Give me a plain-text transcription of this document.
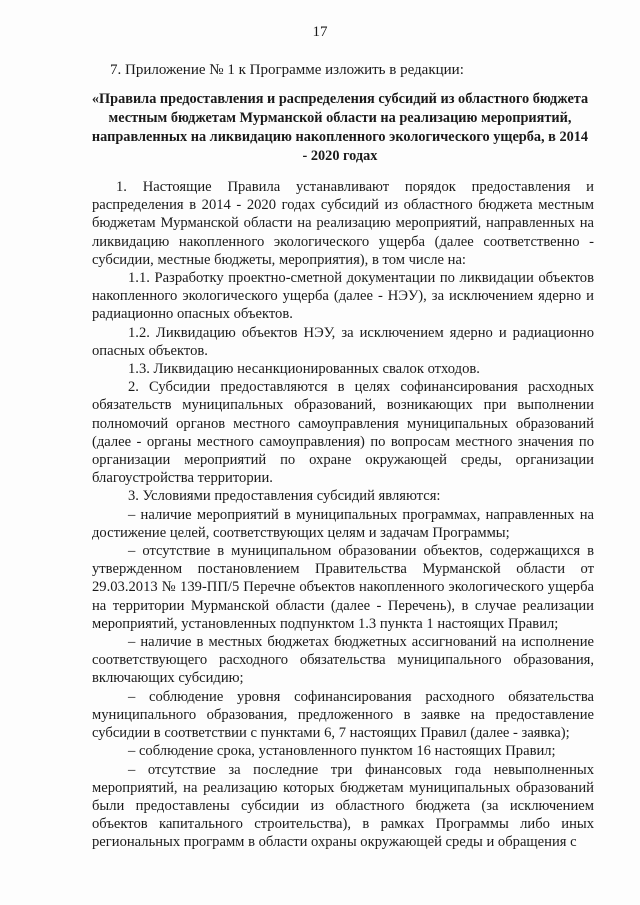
17
7. Приложение № 1 к Программе изложить в редакции:
«Правила предоставления и распределения субсидий из областного бюджета местным бюджетам Мурманской области на реализацию мероприятий, направленных на ликвидацию накопленного экологического ущерба, в 2014 - 2020 годах

1. Настоящие Правила устанавливают порядок предоставления и распределения в 2014 - 2020 годах субсидий из областного бюджета местным бюджетам Мурманской области на реализацию мероприятий, направленных на ликвидацию накопленного экологического ущерба (далее соответственно - субсидии, местные бюджеты, мероприятия), в том числе на:

1.1. Разработку проектно-сметной документации по ликвидации объектов накопленного экологического ущерба (далее - НЭУ), за исключением ядерно и радиационно опасных объектов.

1.2. Ликвидацию объектов НЭУ, за исключением ядерно и радиационно опасных объектов.

1.3. Ликвидацию несанкционированных свалок отходов.

2. Субсидии предоставляются в целях софинансирования расходных обязательств муниципальных образований, возникающих при выполнении полномочий органов местного самоуправления муниципальных образований (далее - органы местного самоуправления) по вопросам местного значения по организации мероприятий по охране окружающей среды, организации благоустройства территории.

3. Условиями предоставления субсидий являются:

– наличие мероприятий в муниципальных программах, направленных на достижение целей, соответствующих целям и задачам Программы;

– отсутствие в муниципальном образовании объектов, содержащихся в утвержденном постановлением Правительства Мурманской области от 29.03.2013 № 139-ПП/5 Перечне объектов накопленного экологического ущерба на территории Мурманской области (далее - Перечень), в случае реализации мероприятий, установленных подпунктом 1.3 пункта 1 настоящих Правил;

– наличие в местных бюджетах бюджетных ассигнований на исполнение соответствующего расходного обязательства муниципального образования, включающих субсидию;

– соблюдение уровня софинансирования расходного обязательства муниципального образования, предложенного в заявке на предоставление субсидии в соответствии с пунктами 6, 7 настоящих Правил (далее - заявка);

– соблюдение срока, установленного пунктом 16 настоящих Правил;

– отсутствие за последние три финансовых года невыполненных мероприятий, на реализацию которых бюджетам муниципальных образований были предоставлены субсидии из областного бюджета (за исключением объектов капитального строительства), в рамках Программы либо иных региональных программ в области охраны окружающей среды и обращения с
